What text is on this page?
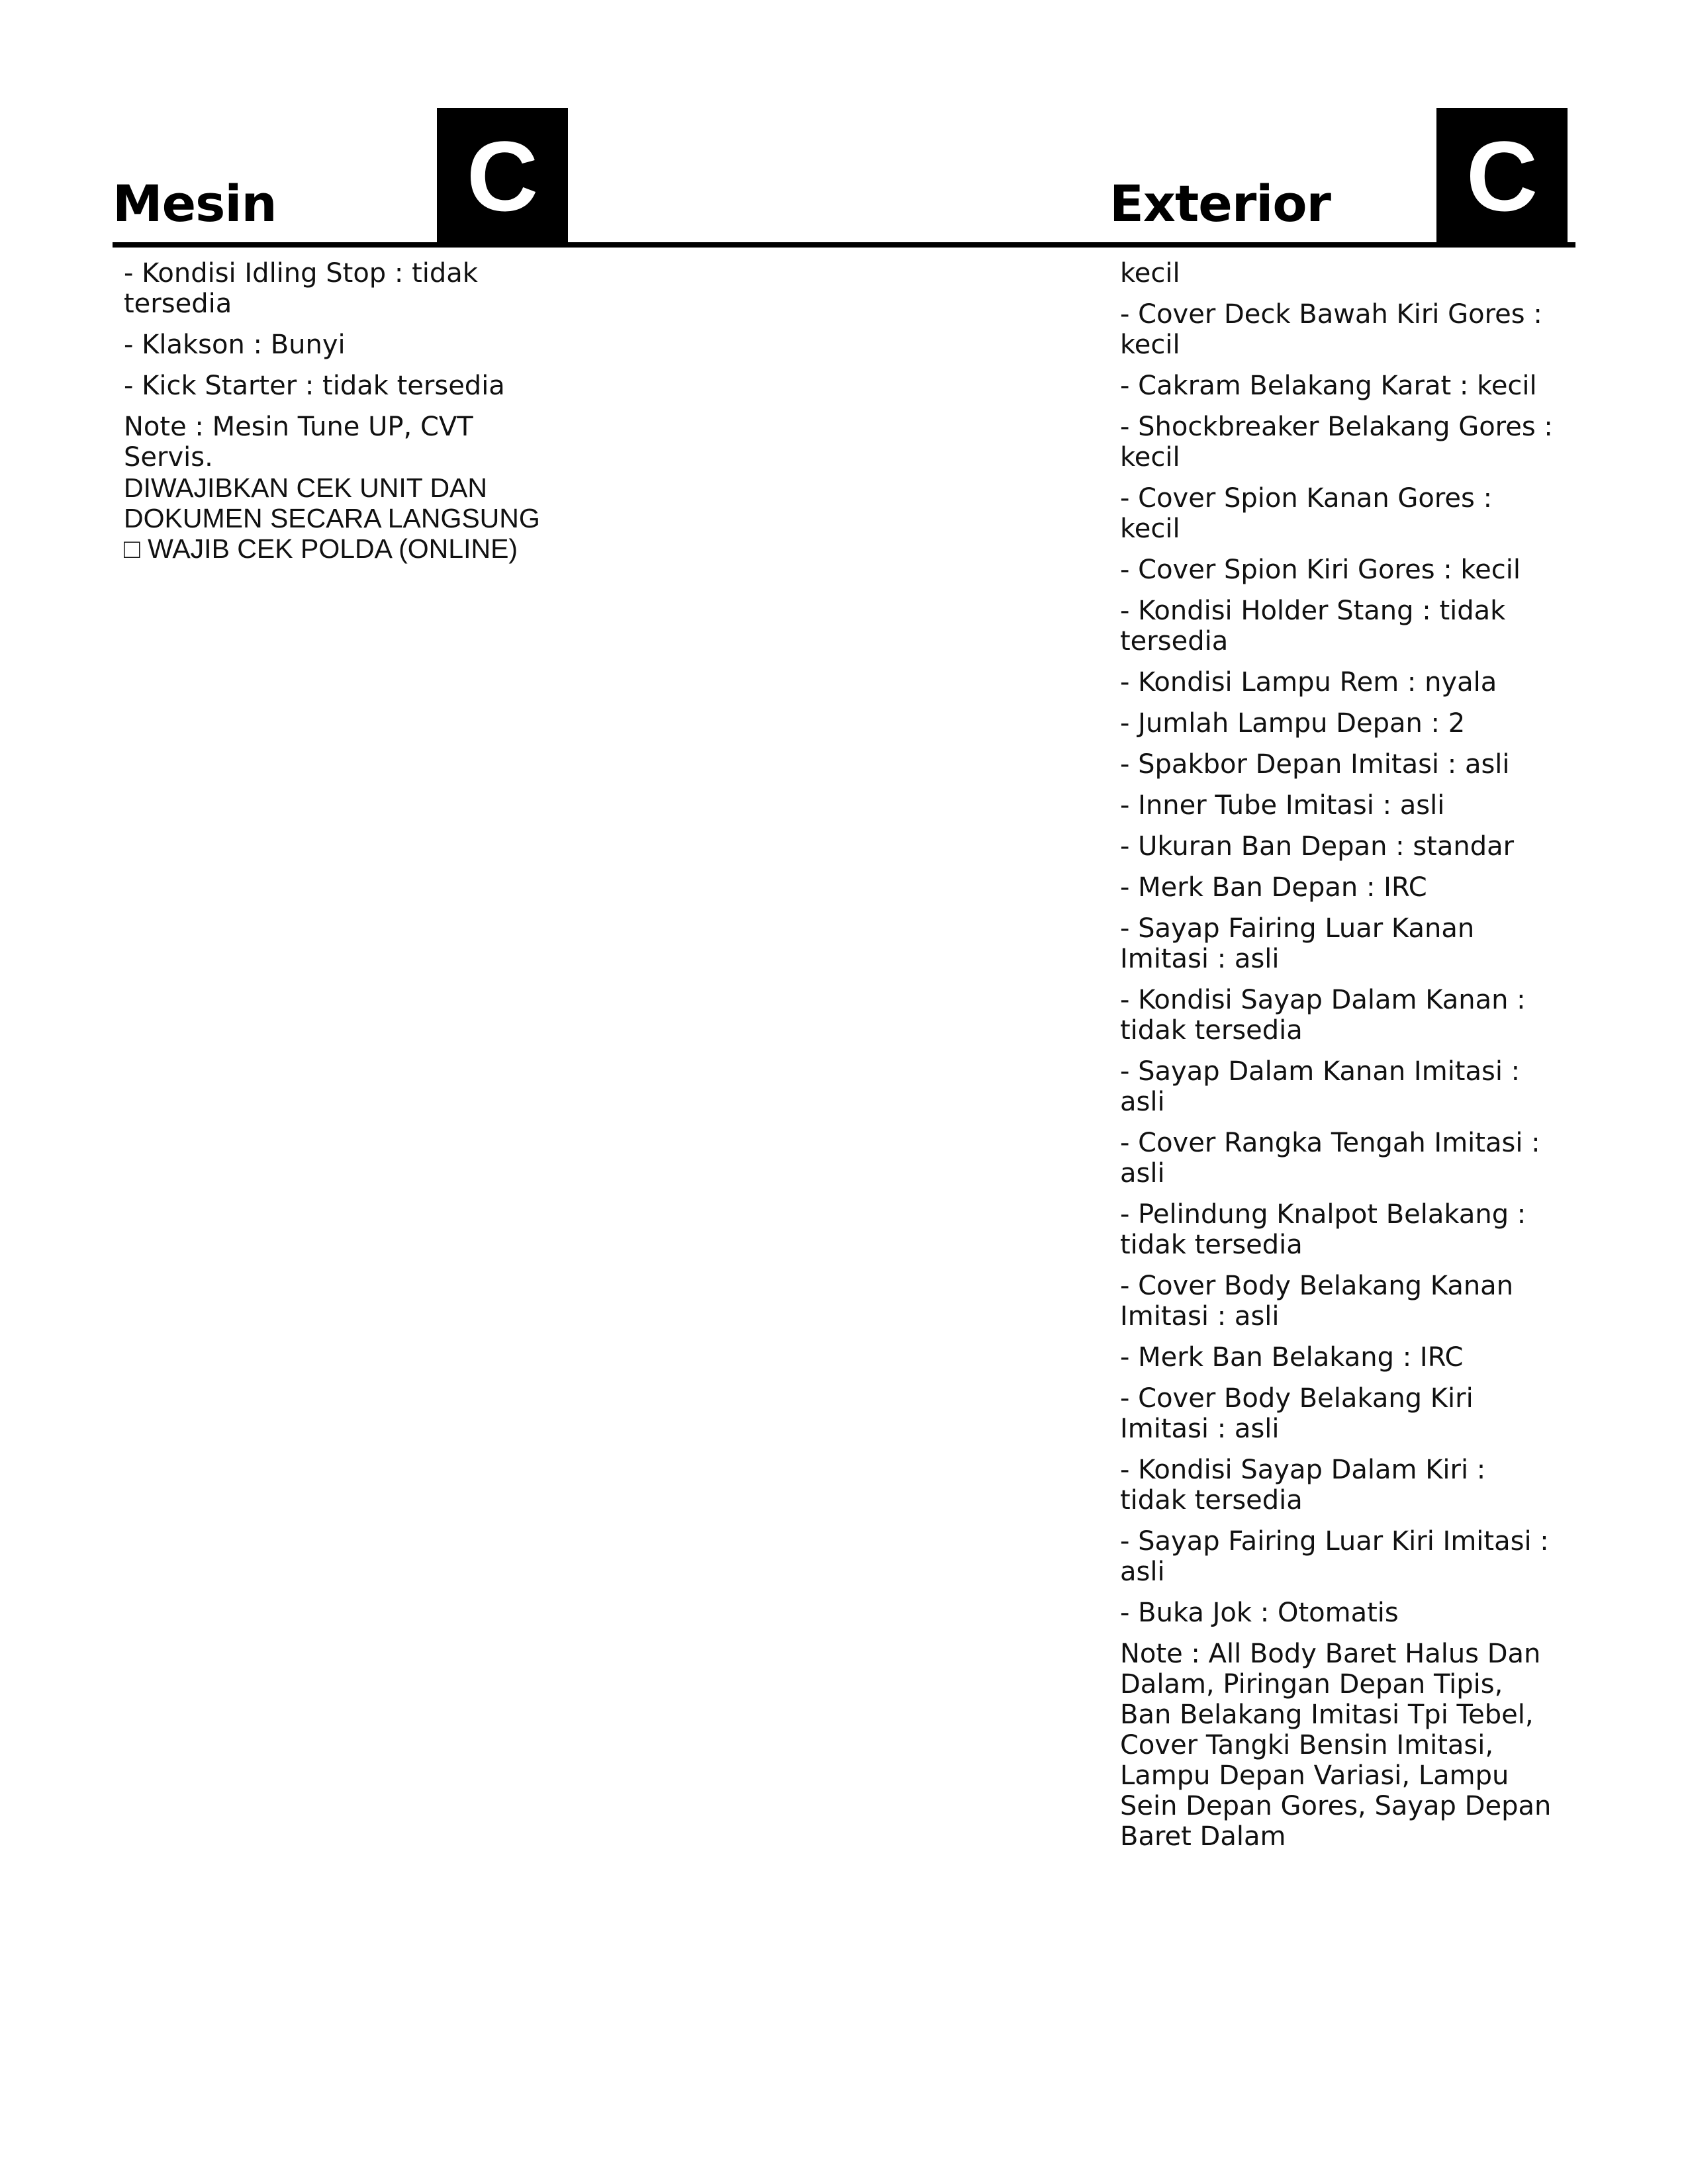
Mesin C	Exterior C
- Kondisi Idling Stop : tidak tersedia
- Klakson : Bunyi
- Kick Starter : tidak tersedia
Note : Mesin Tune UP, CVT Servis.
DIWAJIBKAN CEK UNIT DAN
DOKUMEN SECARA LANGSUNG
□ WAJIB CEK POLDA (ONLINE)
kecil
- Cover Deck Bawah Kiri Gores : kecil
- Cakram Belakang Karat : kecil
- Shockbreaker Belakang Gores : kecil
- Cover Spion Kanan Gores : kecil
- Cover Spion Kiri Gores : kecil
- Kondisi Holder Stang : tidak tersedia
- Kondisi Lampu Rem : nyala
- Jumlah Lampu Depan : 2
- Spakbor Depan Imitasi : asli
- Inner Tube Imitasi : asli
- Ukuran Ban Depan : standar
- Merk Ban Depan : IRC
- Sayap Fairing Luar Kanan Imitasi : asli
- Kondisi Sayap Dalam Kanan : tidak tersedia
- Sayap Dalam Kanan Imitasi : asli
- Cover Rangka Tengah Imitasi : asli
- Pelindung Knalpot Belakang : tidak tersedia
- Cover Body Belakang Kanan Imitasi : asli
- Merk Ban Belakang : IRC
- Cover Body Belakang Kiri Imitasi : asli
- Kondisi Sayap Dalam Kiri : tidak tersedia
- Sayap Fairing Luar Kiri Imitasi : asli
- Buka Jok : Otomatis
Note : All Body Baret Halus Dan Dalam, Piringan Depan Tipis, Ban Belakang Imitasi Tpi Tebel, Cover Tangki Bensin Imitasi, Lampu Depan Variasi, Lampu Sein Depan Gores, Sayap Depan Baret Dalam
